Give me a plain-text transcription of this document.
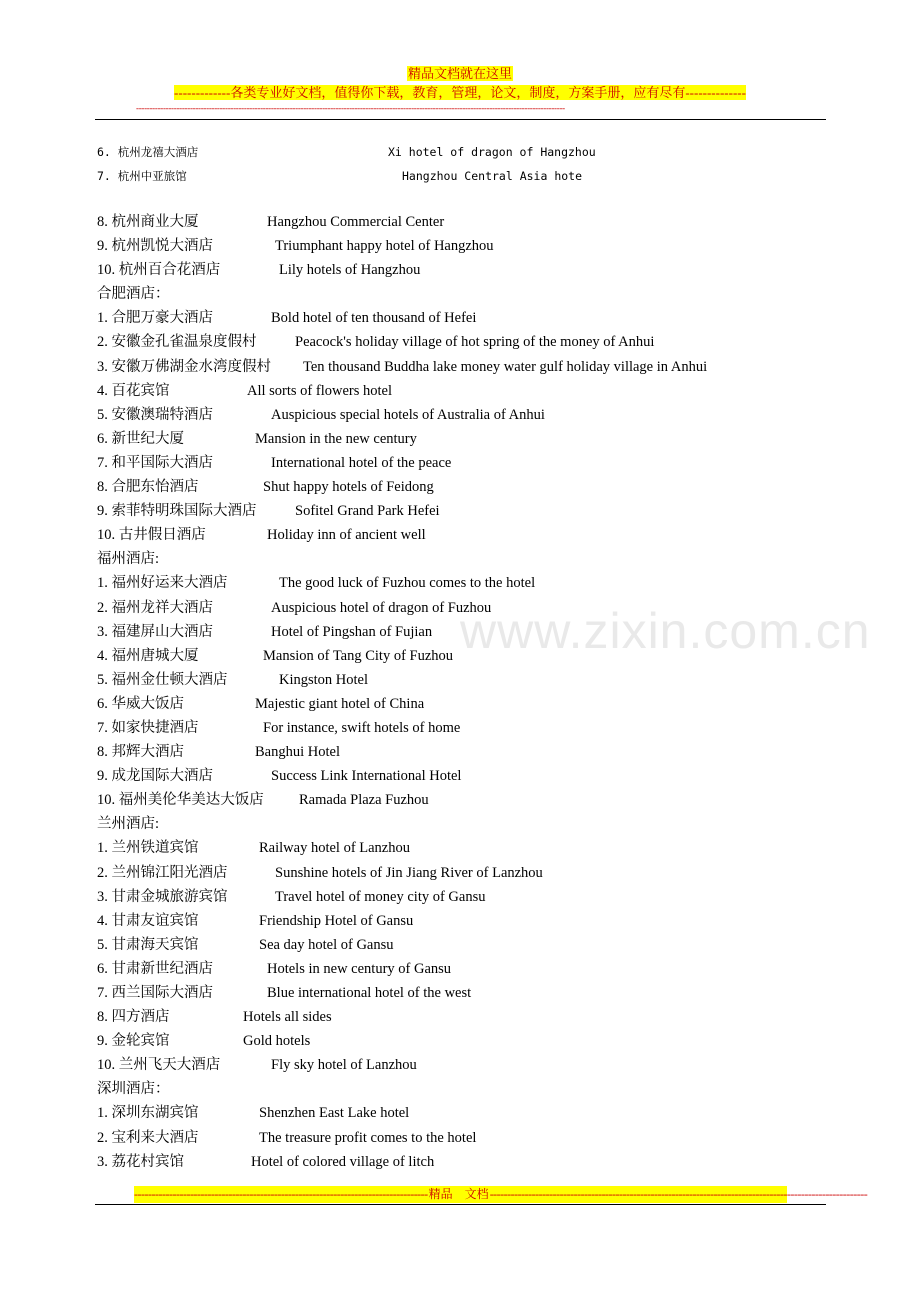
精品文档就在这里
-------------各类专业好文档，值得你下载，教育，管理，论文，制度，方案手册，应有尽有--------------
---------------------------------------------------------------------------------------------------------------------------------------------------------------
www.zixin.com.cn
6. 杭州龙禧大酒店	Xi hotel of dragon of Hangzhou
7. 杭州中亚旅馆	Hangzhou Central Asia hote
8. 杭州商业大厦	Hangzhou Commercial Center
9. 杭州凯悦大酒店	Triumphant happy hotel of Hangzhou
10. 杭州百合花酒店	Lily hotels of Hangzhou
合肥酒店：
1. 合肥万豪大酒店	Bold hotel of ten thousand of Hefei
2. 安徽金孔雀温泉度假村	Peacock's holiday village of hot spring of the money of Anhui
3. 安徽万佛湖金水湾度假村 Ten thousand Buddha lake money water gulf holiday village in Anhui
4. 百花宾馆	All sorts of flowers hotel
5. 安徽澳瑞特酒店	Auspicious special hotels of Australia of Anhui
6. 新世纪大厦	Mansion in the new century
7. 和平国际大酒店	International hotel of the peace
8. 合肥东怡酒店	Shut happy hotels of Feidong
9. 索菲特明珠国际大酒店	Sofitel Grand Park Hefei
10. 古井假日酒店	Holiday inn of ancient well
福州酒店:
1. 福州好运来大酒店	The good luck of Fuzhou comes to the hotel
2. 福州龙祥大酒店	Auspicious hotel of dragon of Fuzhou
3. 福建屏山大酒店	Hotel of Pingshan of Fujian
4. 福州唐城大厦	Mansion of Tang City of Fuzhou
5. 福州金仕顿大酒店	Kingston Hotel
6. 华威大饭店	Majestic giant hotel of China
7. 如家快捷酒店	For instance, swift hotels of home
8. 邦辉大酒店	Banghui Hotel
9. 成龙国际大酒店	Success Link International Hotel
10. 福州美伦华美达大饭店 Ramada Plaza Fuzhou
兰州酒店:
1. 兰州铁道宾馆	Railway hotel of Lanzhou
2. 兰州锦江阳光酒店	Sunshine hotels of Jin Jiang River of Lanzhou
3. 甘肃金城旅游宾馆	Travel hotel of money city of Gansu
4. 甘肃友谊宾馆	Friendship Hotel of Gansu
5. 甘肃海天宾馆	Sea day hotel of Gansu
6. 甘肃新世纪酒店	Hotels in new century of Gansu
7. 西兰国际大酒店	Blue international hotel of the west
8. 四方酒店	Hotels all sides
9. 金轮宾馆	Gold hotels
10. 兰州飞天大酒店	Fly sky hotel of Lanzhou
深圳酒店：
1. 深圳东湖宾馆	Shenzhen East Lake hotel
2. 宝利来大酒店	The treasure profit comes to the hotel
3. 荔花村宾馆	Hotel of colored village of litch
------------------------------------------------------------------------------------ 精品　文档 ------------------------------------------------------------------------------------------------------------
